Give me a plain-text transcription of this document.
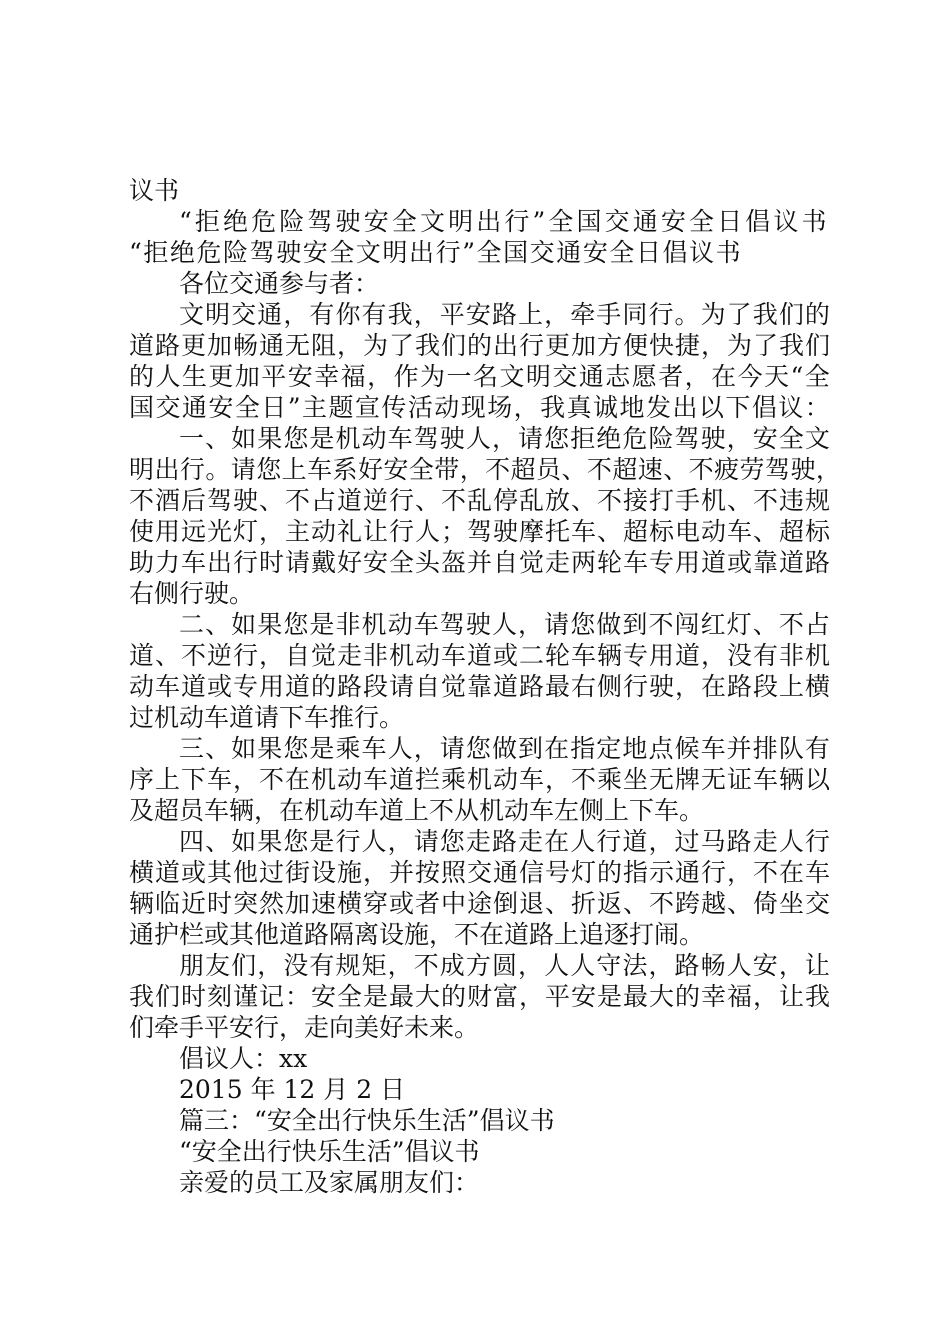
议书
“拒绝危险驾驶安全文明出行”全国交通安全日倡议书
“拒绝危险驾驶安全文明出行”全国交通安全日倡议书
各位交通参与者：
文明交通，有你有我，平安路上，牵手同行。为了我们的
道路更加畅通无阻，为了我们的出行更加方便快捷，为了我们
的人生更加平安幸福，作为一名文明交通志愿者，在今天“全
国交通安全日”主题宣传活动现场，我真诚地发出以下倡议：
一、如果您是机动车驾驶人，请您拒绝危险驾驶，安全文
明出行。请您上车系好安全带，不超员、不超速、不疲劳驾驶，
不酒后驾驶、不占道逆行、不乱停乱放、不接打手机、不违规
使用远光灯，主动礼让行人；驾驶摩托车、超标电动车、超标
助力车出行时请戴好安全头盔并自觉走两轮车专用道或靠道路
右侧行驶。
二、如果您是非机动车驾驶人，请您做到不闯红灯、不占
道、不逆行，自觉走非机动车道或二轮车辆专用道，没有非机
动车道或专用道的路段请自觉靠道路最右侧行驶，在路段上横
过机动车道请下车推行。
三、如果您是乘车人，请您做到在指定地点候车并排队有
序上下车，不在机动车道拦乘机动车，不乘坐无牌无证车辆以
及超员车辆，在机动车道上不从机动车左侧上下车。
四、如果您是行人，请您走路走在人行道，过马路走人行
横道或其他过街设施，并按照交通信号灯的指示通行，不在车
辆临近时突然加速横穿或者中途倒退、折返、不跨越、倚坐交
通护栏或其他道路隔离设施，不在道路上追逐打闹。
朋友们，没有规矩，不成方圆，人人守法，路畅人安，让
我们时刻谨记：安全是最大的财富，平安是最大的幸福，让我
们牵手平安行，走向美好未来。
倡议人：xx
2015 年 12 月 2 日
篇三：“安全出行快乐生活”倡议书
“安全出行快乐生活”倡议书
亲爱的员工及家属朋友们：
